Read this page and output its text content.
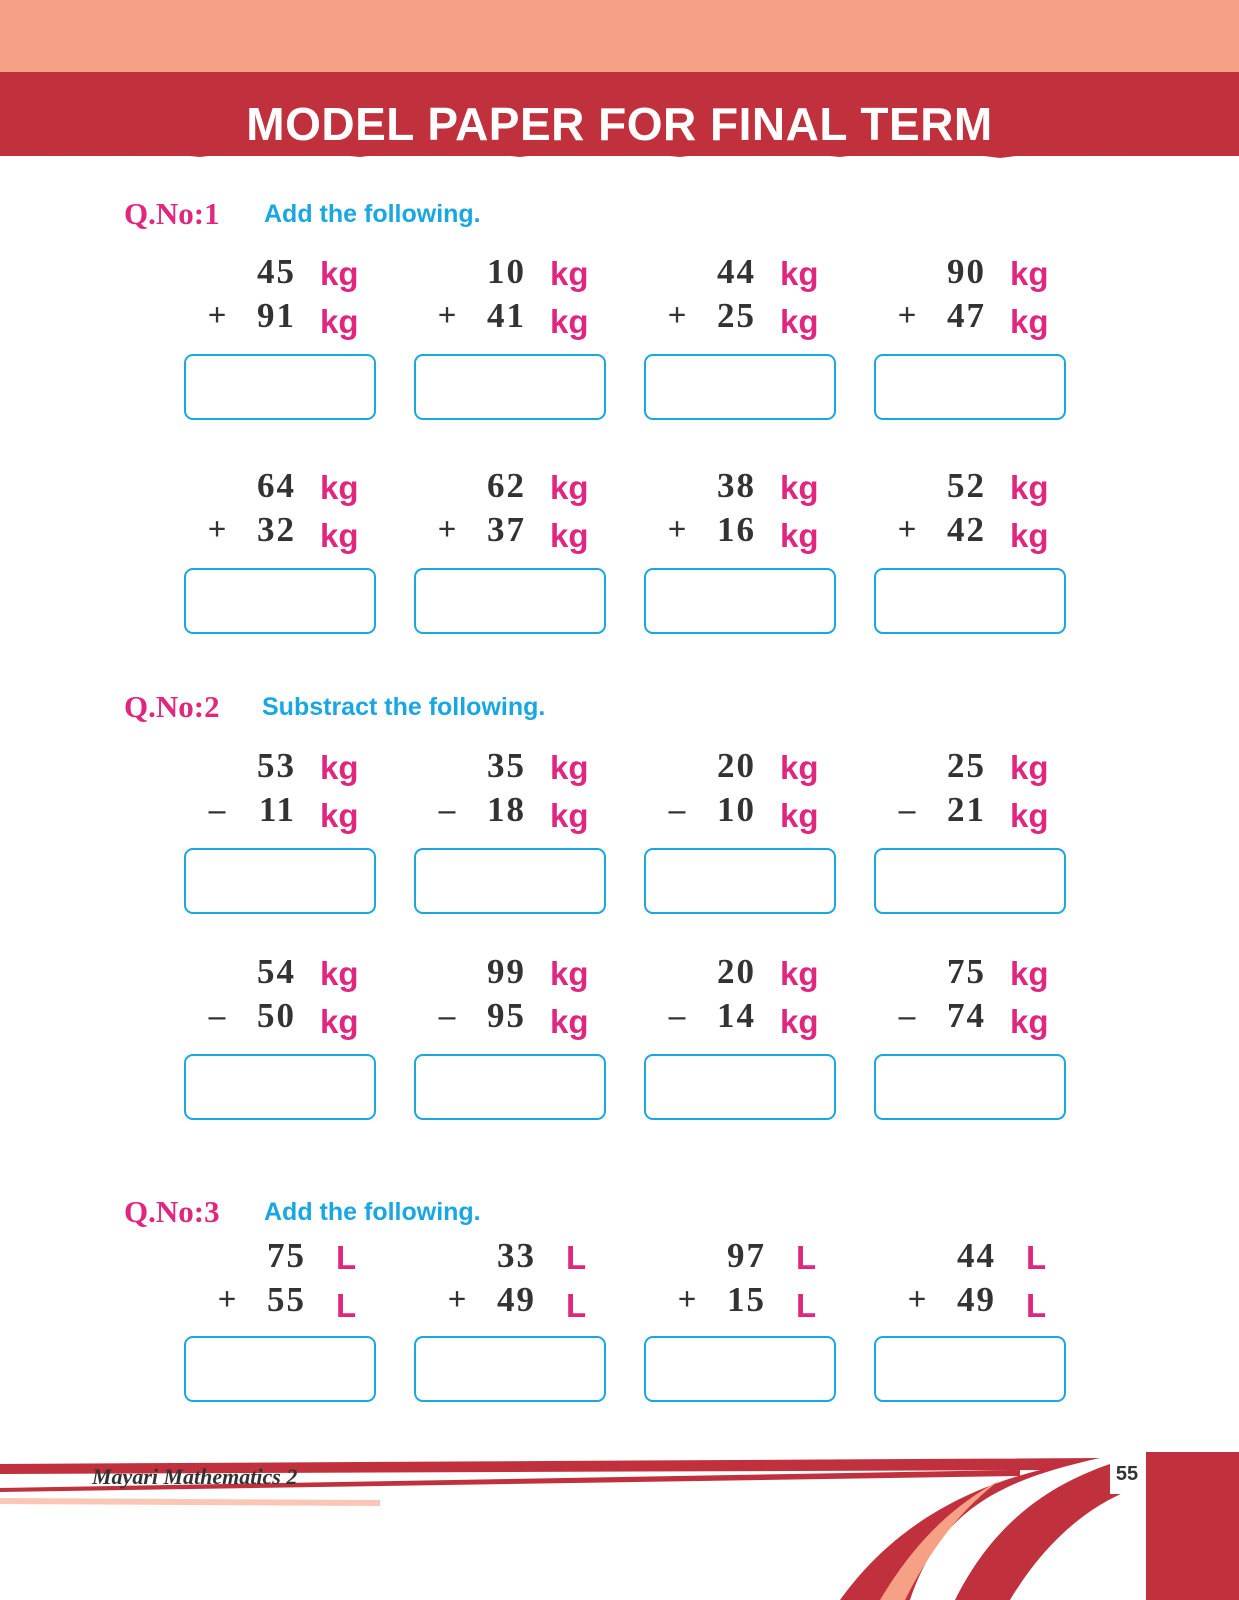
MODEL PAPER FOR FINAL TERM
Q.No:1 Add the following.
Q.No:2 Substract the following.
Q.No:3 Add the following.
45 kg
+ 91 kg
10 kg
+ 41 kg
44 kg
+ 25 kg
90 kg
+ 47 kg
64 kg
+ 32 kg
62 kg
+ 37 kg
38 kg
+ 16 kg
52 kg
+ 42 kg
53 kg
– 11 kg
35 kg
– 18 kg
20 kg
– 10 kg
25 kg
– 21 kg
54 kg
– 50 kg
99 kg
– 95 kg
20 kg
– 14 kg
75 kg
– 74 kg
75 L
+ 55 L
33 L
+ 49 L
97 L
+ 15 L
44 L
+ 49 L
Mayari Mathematics 2	55
